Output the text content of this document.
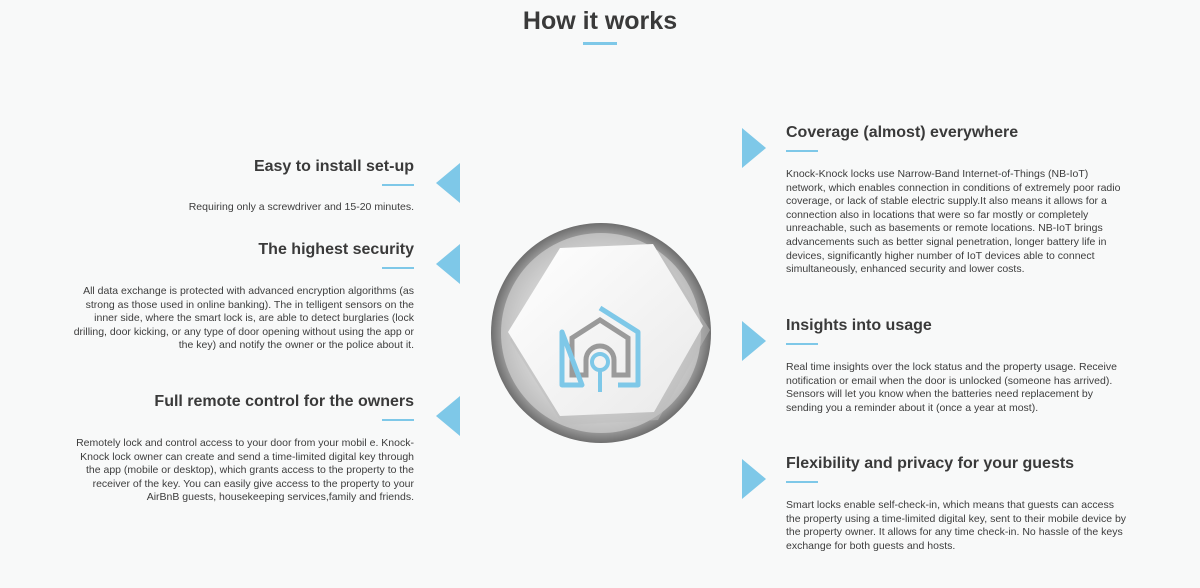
How it works
Easy to install set-up

Requiring only a screwdriver and 15-20 minutes.

The highest security

All data exchange is protected with advanced encryption algorithms (as strong as those used in online banking). The in telligent sensors on the inner side, where the smart lock is, are able to detect burglaries (lock drilling, door kicking, or any type of door opening without using the app or the key) and notify the owner or the police about it.

Full remote control for the owners

Remotely lock and control access to your door from your mobil e. Knock-Knock lock owner can create and send a time-limited digital key through the app (mobile or desktop), which grants access to the property to the receiver of the key. You can easily give access to the property to your AirBnB guests, housekeeping services,family and friends.

Coverage (almost) everywhere

Knock-Knock locks use Narrow-Band Internet-of-Things (NB-IoT) network, which enables connection in conditions of extremely poor radio coverage, or lack of stable electric supply.It also means it allows for a connection also in locations that were so far mostly or completely unreachable, such as basements or remote locations. NB-IoT brings advancements such as better signal penetration, longer battery life in devices, significantly higher number of IoT devices able to connect simultaneously, enhanced security and lower costs.

Insights into usage

Real time insights over the lock status and the property usage. Receive notification or email when the door is unlocked (someone has arrived). Sensors will let you know when the batteries need replacement by sending you a reminder about it (once a year at most).

Flexibility and privacy for your guests

Smart locks enable self-check-in, which means that guests can access the property using a time-limited digital key, sent to their mobile device by the property owner. It allows for any time check-in. No hassle of the keys exchange for both guests and hosts.
